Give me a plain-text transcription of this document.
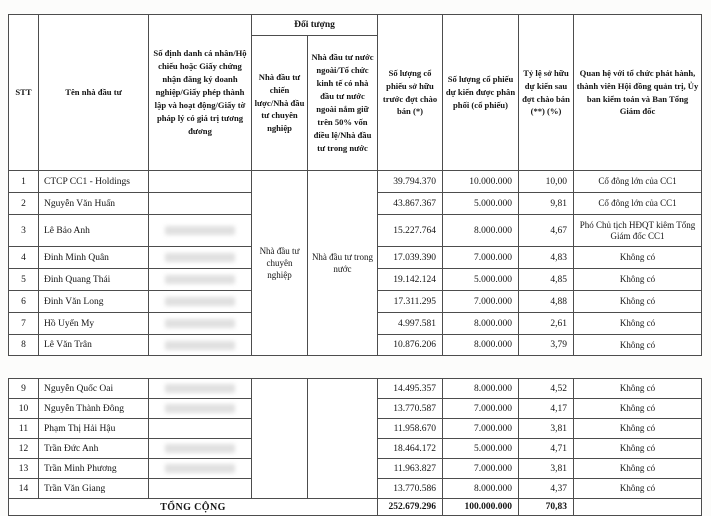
STT	Tên nhà đầu tư	Số định danh cá nhân/Hộ chiếu hoặc Giấy chứng nhận đăng ký doanh nghiệp/Giấy phép thành lập và hoạt động/Giấy tờ pháp lý có giá trị tương đương	Đối tượng		Số lượng cổ phiếu sở hữu trước đợt chào bán (*)	Số lượng cổ phiếu dự kiến được phân phối (cổ phiếu)	Tỷ lệ sở hữu dự kiến sau đợt chào bán (**) (%)	Quan hệ với tổ chức phát hành, thành viên Hội đồng quản trị, Ủy ban kiểm toán và Ban Tổng Giám đốc
			Nhà đầu tư chiến lược/Nhà đầu tư chuyên nghiệp	Nhà đầu tư nước ngoài/Tổ chức kinh tế có nhà đầu tư nước ngoài nắm giữ trên 50% vốn điều lệ/Nhà đầu tư trong nước				
1	CTCP CC1 - Holdings		Nhà đầu tư chuyên nghiệp	Nhà đầu tư trong nước	39.794.370	10.000.000	10,00	Cổ đông lớn của CC1
2	Nguyễn Văn Huấn				43.867.367	5.000.000	9,81	Cổ đông lớn của CC1
3	Lê Bảo Anh				15.227.764	8.000.000	4,67	Phó Chủ tịch HĐQT kiêm Tổng Giám đốc CC1
4	Đinh Minh Quân				17.039.390	7.000.000	4,83	Không có
5	Đinh Quang Thái				19.142.124	5.000.000	4,85	Không có
6	Đinh Văn Long				17.311.295	7.000.000	4,88	Không có
7	Hồ Uyển My				4.997.581	8.000.000	2,61	Không có
8	Lê Văn Trân				10.876.206	8.000.000	3,79	Không có
9	Nguyễn Quốc Oai				14.495.357	8.000.000	4,52	Không có
10	Nguyễn Thành Đông				13.770.587	7.000.000	4,17	Không có
11	Phạm Thị Hải Hậu				11.958.670	7.000.000	3,81	Không có
12	Trần Đức Anh				18.464.172	5.000.000	4,71	Không có
13	Trần Minh Phương				11.963.827	7.000.000	3,81	Không có
14	Trần Văn Giang				13.770.586	8.000.000	4,37	Không có
TỔNG CỘNG					252.679.296	100.000.000	70,83	
